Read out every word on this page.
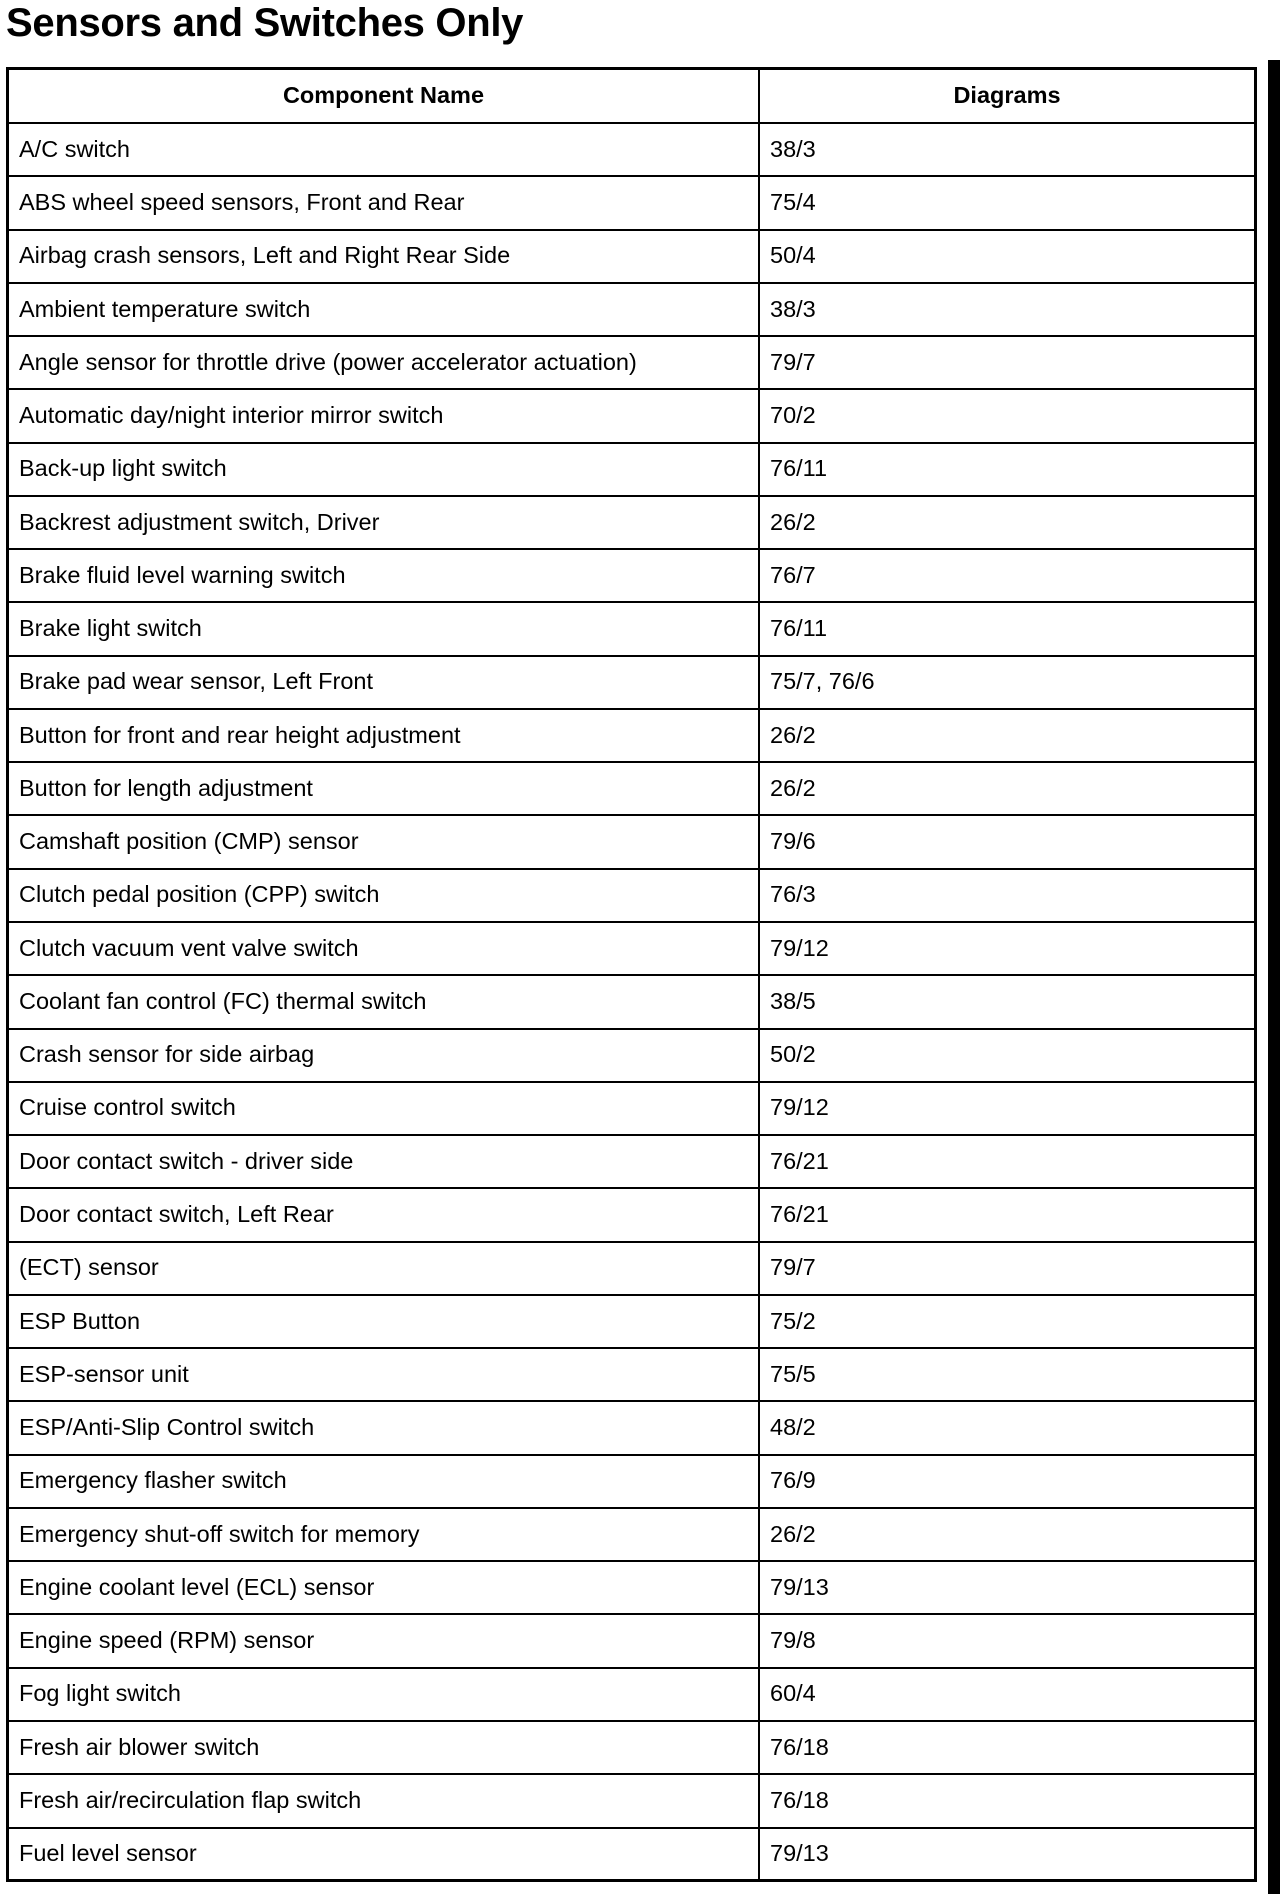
Sensors and Switches Only
Component Name	Diagrams
A/C switch	38/3
ABS wheel speed sensors, Front and Rear	75/4
Airbag crash sensors, Left and Right Rear Side	50/4
Ambient temperature switch	38/3
Angle sensor for throttle drive (power accelerator actuation)	79/7
Automatic day/night interior mirror switch	70/2
Back-up light switch	76/11
Backrest adjustment switch, Driver	26/2
Brake fluid level warning switch	76/7
Brake light switch	76/11
Brake pad wear sensor, Left Front	75/7, 76/6
Button for front and rear height adjustment	26/2
Button for length adjustment	26/2
Camshaft position (CMP) sensor	79/6
Clutch pedal position (CPP) switch	76/3
Clutch vacuum vent valve switch	79/12
Coolant fan control (FC) thermal switch	38/5
Crash sensor for side airbag	50/2
Cruise control switch	79/12
Door contact switch - driver side	76/21
Door contact switch, Left Rear	76/21
(ECT) sensor	79/7
ESP Button	75/2
ESP-sensor unit	75/5
ESP/Anti-Slip Control switch	48/2
Emergency flasher switch	76/9
Emergency shut-off switch for memory	26/2
Engine coolant level (ECL) sensor	79/13
Engine speed (RPM) sensor	79/8
Fog light switch	60/4
Fresh air blower switch	76/18
Fresh air/recirculation flap switch	76/18
Fuel level sensor	79/13
